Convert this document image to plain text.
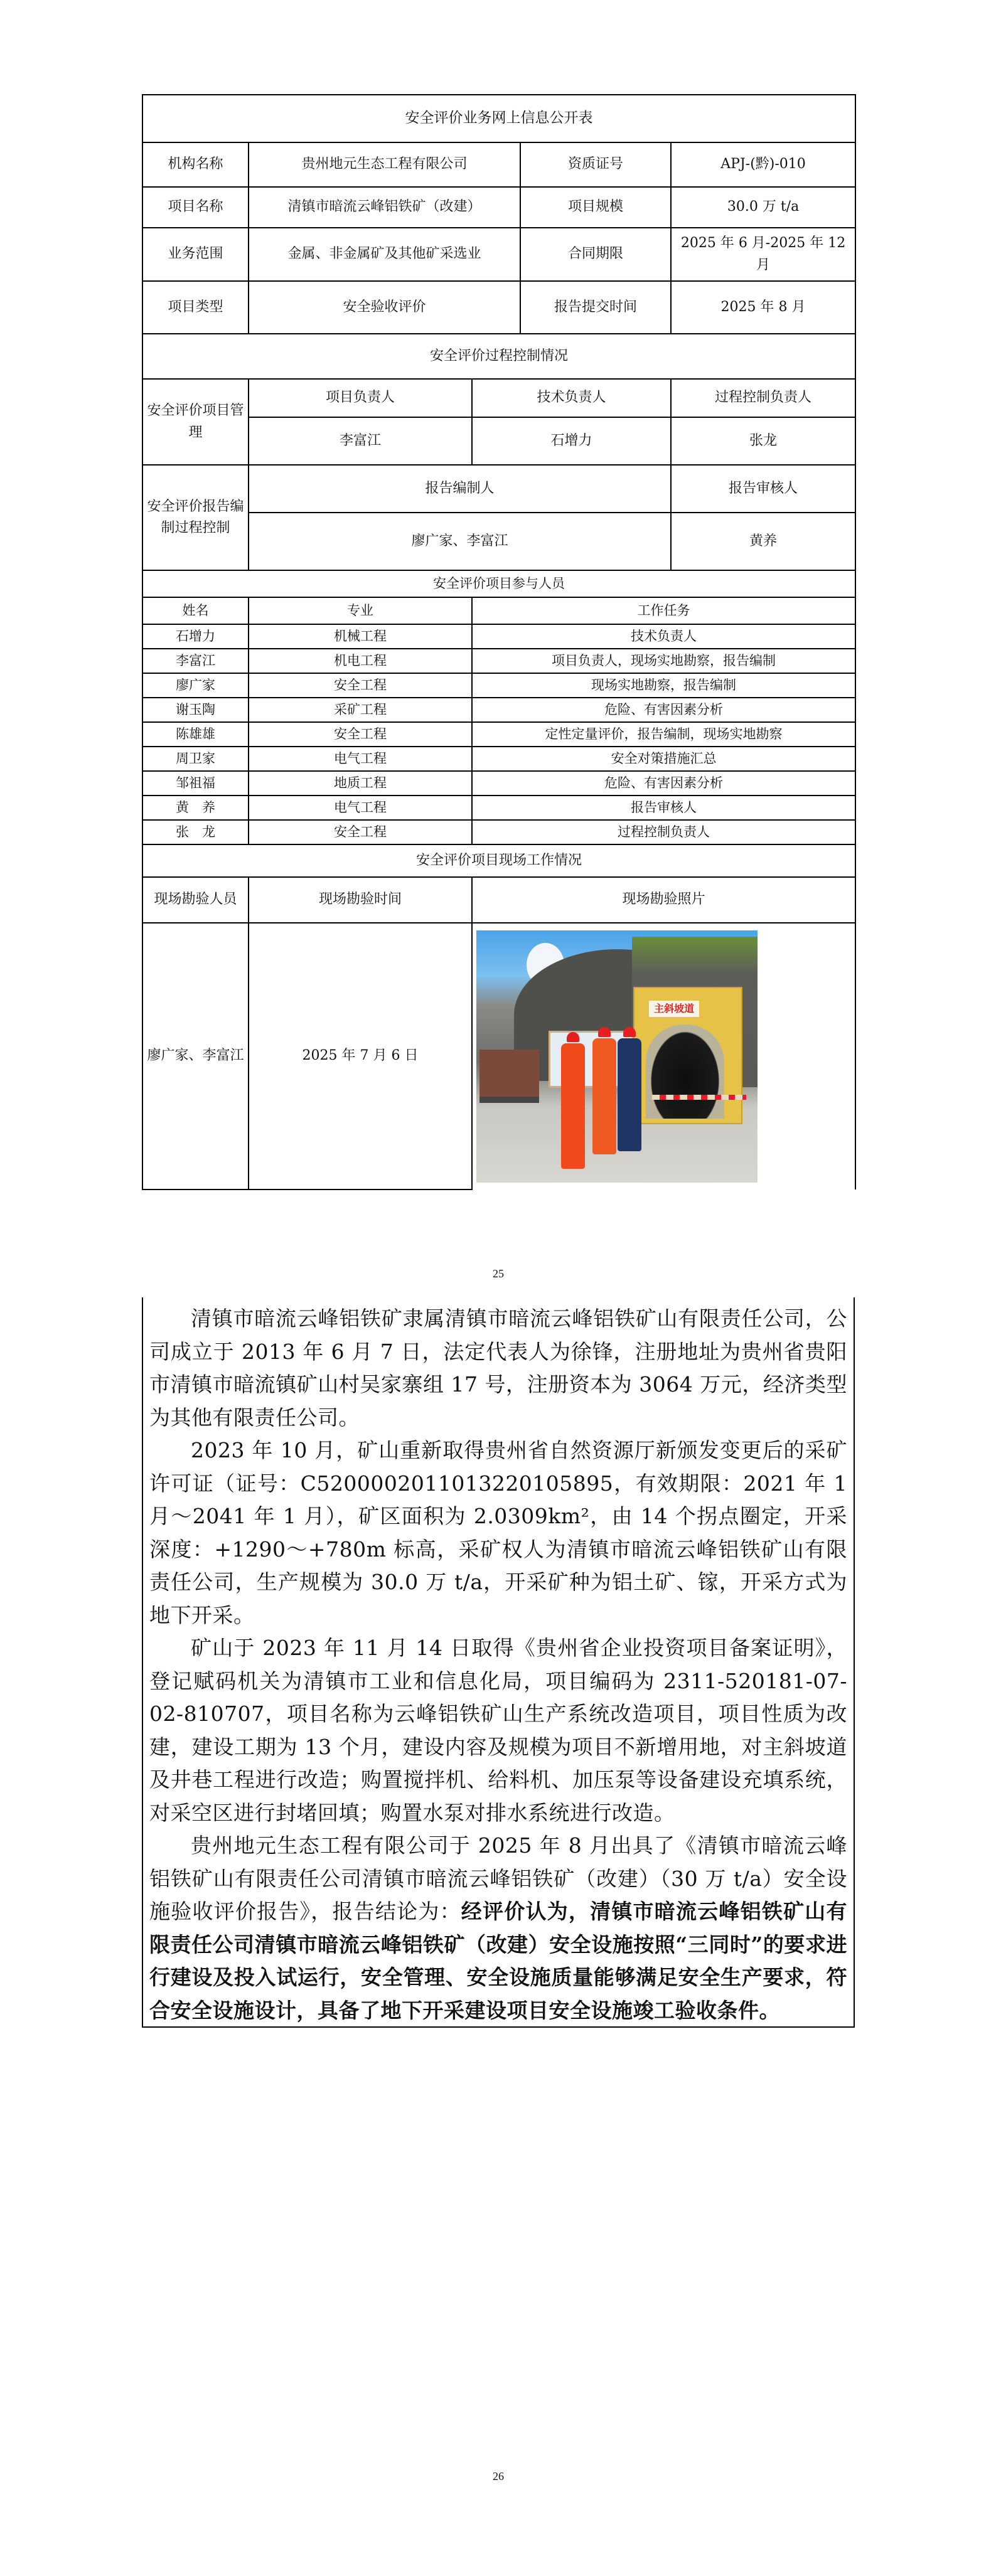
安全评价业务网上信息公开表				
机构名称	贵州地元生态工程有限公司		资质证号	APJ-(黔)-010
项目名称	清镇市暗流云峰铝铁矿（改建）		项目规模	30.0 万 t/a
业务范围	金属、非金属矿及其他矿采选业		合同期限	2025 年 6 月-2025 年 12 月
项目类型	安全验收评价		报告提交时间	2025 年 8 月
安全评价过程控制情况				
安全评价项目管理	项目负责人	技术负责人		过程控制负责人
	李富江	石增力		张龙
安全评价报告编制过程控制	报告编制人			报告审核人
	廖广家、李富江			黄养
安全评价项目参与人员				
姓名	专业	工作任务		
石增力	机械工程	技术负责人		
李富江	机电工程	项目负责人，现场实地勘察，报告编制		
廖广家	安全工程	现场实地勘察，报告编制		
谢玉陶	采矿工程	危险、有害因素分析		
陈雄雄	安全工程	定性定量评价，报告编制，现场实地勘察		
周卫家	电气工程	安全对策措施汇总		
邹祖福	地质工程	危险、有害因素分析		
黄　养	电气工程	报告审核人		
张　龙	安全工程	过程控制负责人		
安全评价项目现场工作情况				
现场勘验人员	现场勘验时间	现场勘验照片		
廖广家、李富江	2025 年 7 月 6 日	主斜坡道		
25

清镇市暗流云峰铝铁矿隶属清镇市暗流云峰铝铁矿山有限责任公司，公司成立于 2013 年 6 月 7 日，法定代表人为徐锋，注册地址为贵州省贵阳市清镇市暗流镇矿山村吴家寨组 17 号，注册资本为 3064 万元，经济类型为其他有限责任公司。

2023 年 10 月，矿山重新取得贵州省自然资源厅新颁发变更后的采矿许可证（证号：C5200002011013220105895，有效期限：2021 年 1 月～2041 年 1 月），矿区面积为 2.0309km²，由 14 个拐点圈定，开采深度：+1290～+780m 标高，采矿权人为清镇市暗流云峰铝铁矿山有限责任公司，生产规模为 30.0 万 t/a，开采矿种为铝土矿、镓，开采方式为地下开采。

矿山于 2023 年 11 月 14 日取得《贵州省企业投资项目备案证明》，登记赋码机关为清镇市工业和信息化局，项目编码为 2311-520181-07-02-810707，项目名称为云峰铝铁矿山生产系统改造项目，项目性质为改建，建设工期为 13 个月，建设内容及规模为项目不新增用地，对主斜坡道及井巷工程进行改造；购置搅拌机、给料机、加压泵等设备建设充填系统，对采空区进行封堵回填；购置水泵对排水系统进行改造。

贵州地元生态工程有限公司于 2025 年 8 月出具了《清镇市暗流云峰铝铁矿山有限责任公司清镇市暗流云峰铝铁矿（改建）（30 万 t/a）安全设施验收评价报告》，报告结论为：经评价认为，清镇市暗流云峰铝铁矿山有限责任公司清镇市暗流云峰铝铁矿（改建）安全设施按照“三同时”的要求进行建设及投入试运行，安全管理、安全设施质量能够满足安全生产要求，符合安全设施设计，具备了地下开采建设项目安全设施竣工验收条件。

26
